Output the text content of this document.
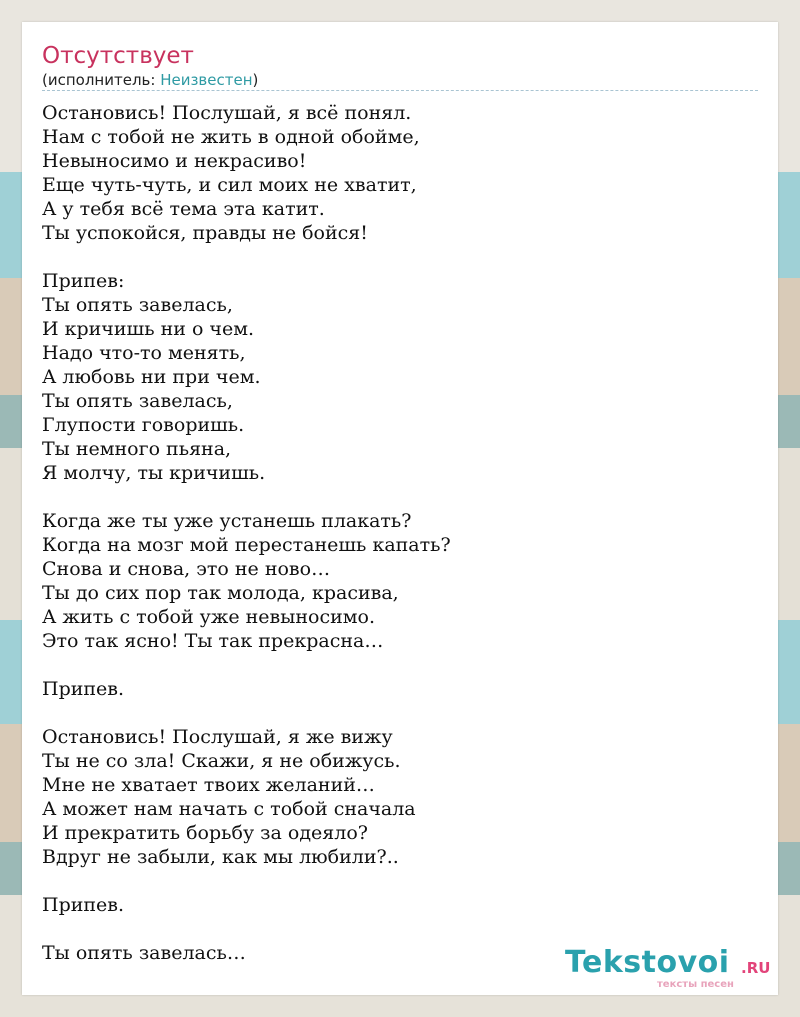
Отсутствует
(исполнитель: Неизвестен)
Остановись! Послушай, я всё понял.
Нам с тобой не жить в одной обойме,
Невыносимо и некрасиво!
Еще чуть-чуть, и сил моих не хватит,
А у тебя всё тема эта катит.
Ты успокойся, правды не бойся!

Припев:
Ты опять завелась,
И кричишь ни о чем.
Надо что-то менять,
А любовь ни при чем.
Ты опять завелась,
Глупости говоришь.
Ты немного пьяна,
Я молчу, ты кричишь.

Когда же ты уже устанешь плакать?
Когда на мозг мой перестанешь капать?
Снова и снова, это не ново…
Ты до сих пор так молода, красива,
А жить с тобой уже невыносимо.
Это так ясно! Ты так прекрасна…

Припев.

Остановись! Послушай, я же вижу
Ты не со зла! Скажи, я не обижусь.
Мне не хватает твоих желаний…
А может нам начать с тобой сначала
И прекратить борьбу за одеяло?
Вдруг не забыли, как мы любили?..

Припев.

Ты опять завелась…	Tekstovoi .RU
тексты песен
